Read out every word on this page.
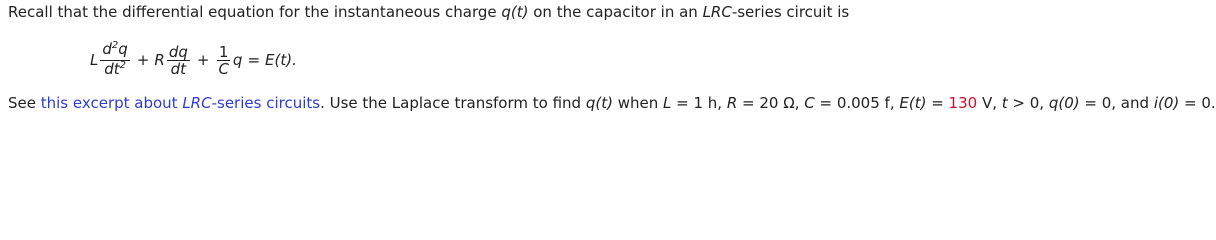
Recall that the differential equation for the instantaneous charge q(t) on the capacitor in an LRC-series circuit is
L $\frac{d^2q}{dt^2} + R \frac{dq}{dt} + \frac{1}{C}$ q = E(t).
See this excerpt about LRC-series circuits. Use the Laplace transform to find q(t) when L = 1 h, R = 20 Ω, C = 0.005 f, E(t) = 130 V, t > 0, q(0) = 0, and i(0) = 0.
